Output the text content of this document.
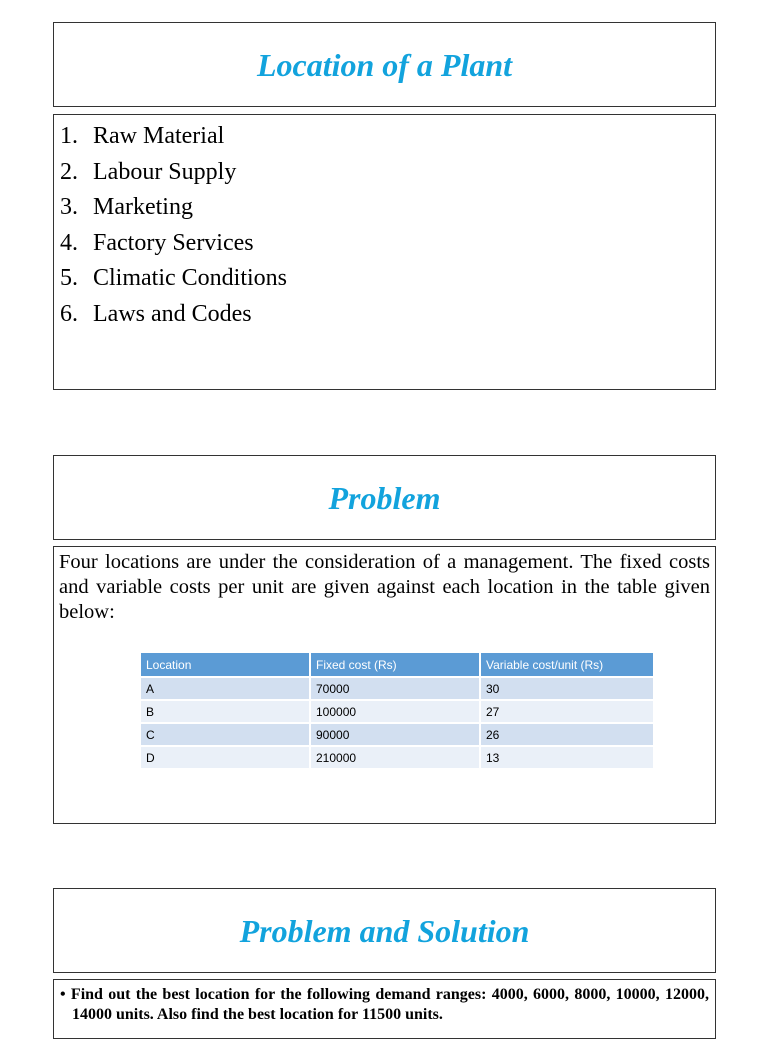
Location of a Plant
1. Raw Material
2. Labour Supply
3. Marketing
4. Factory Services
5. Climatic Conditions
6. Laws and Codes
Problem

Four locations are under the consideration of a management. The fixed costs and variable costs per unit are given against each location in the table given below:

Location	Fixed cost (Rs)	Variable cost/unit (Rs)
A	70000	30
B	100000	27
C	90000	26
D	210000	13
Problem and Solution

• Find out the best location for the following demand ranges: 4000, 6000, 8000, 10000, 12000, 14000 units. Also find the best location for 11500 units.
